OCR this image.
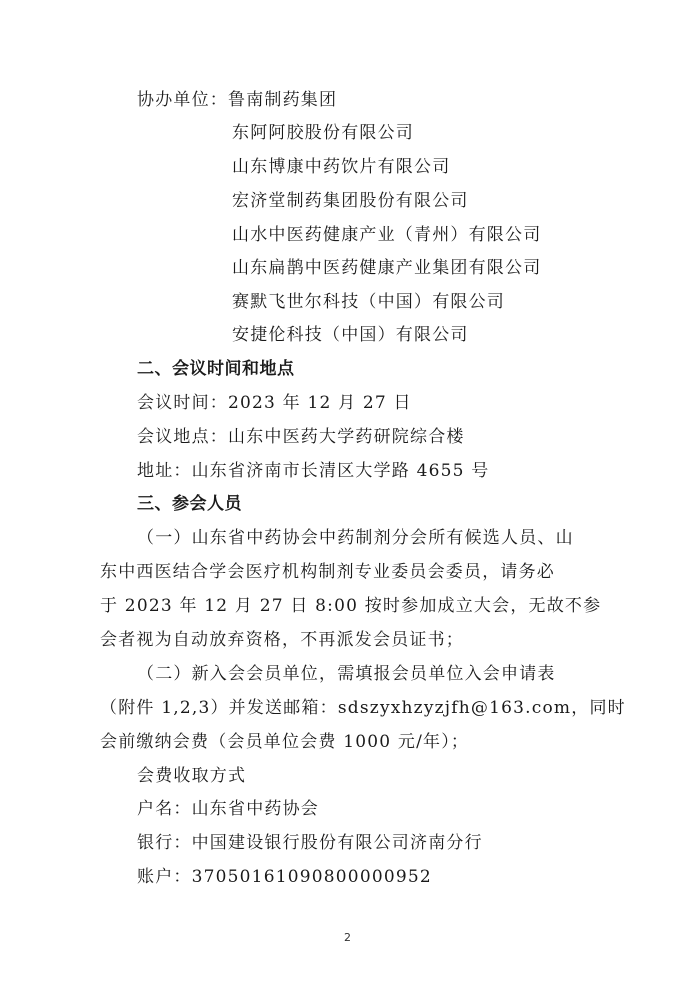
协办单位：鲁南制药集团
东阿阿胶股份有限公司
山东博康中药饮片有限公司
宏济堂制药集团股份有限公司
山水中医药健康产业（青州）有限公司
山东扁鹊中医药健康产业集团有限公司
赛默飞世尔科技（中国）有限公司
安捷伦科技（中国）有限公司
二、会议时间和地点
会议时间：2023 年 12 月 27 日
会议地点：山东中医药大学药研院综合楼
地址：山东省济南市长清区大学路 4655 号
三、参会人员
（一）山东省中药协会中药制剂分会所有候选人员、山
东中西医结合学会医疗机构制剂专业委员会委员，请务必
于 2023 年 12 月 27 日 8:00 按时参加成立大会，无故不参
会者视为自动放弃资格，不再派发会员证书；
（二）新入会会员单位，需填报会员单位入会申请表
（附件 1,2,3）并发送邮箱：sdszyxhzyzjfh@163.com，同时
会前缴纳会费（会员单位会费 1000 元/年）；
会费收取方式
户名：山东省中药协会
银行：中国建设银行股份有限公司济南分行
账户：37050161090800000952
2
